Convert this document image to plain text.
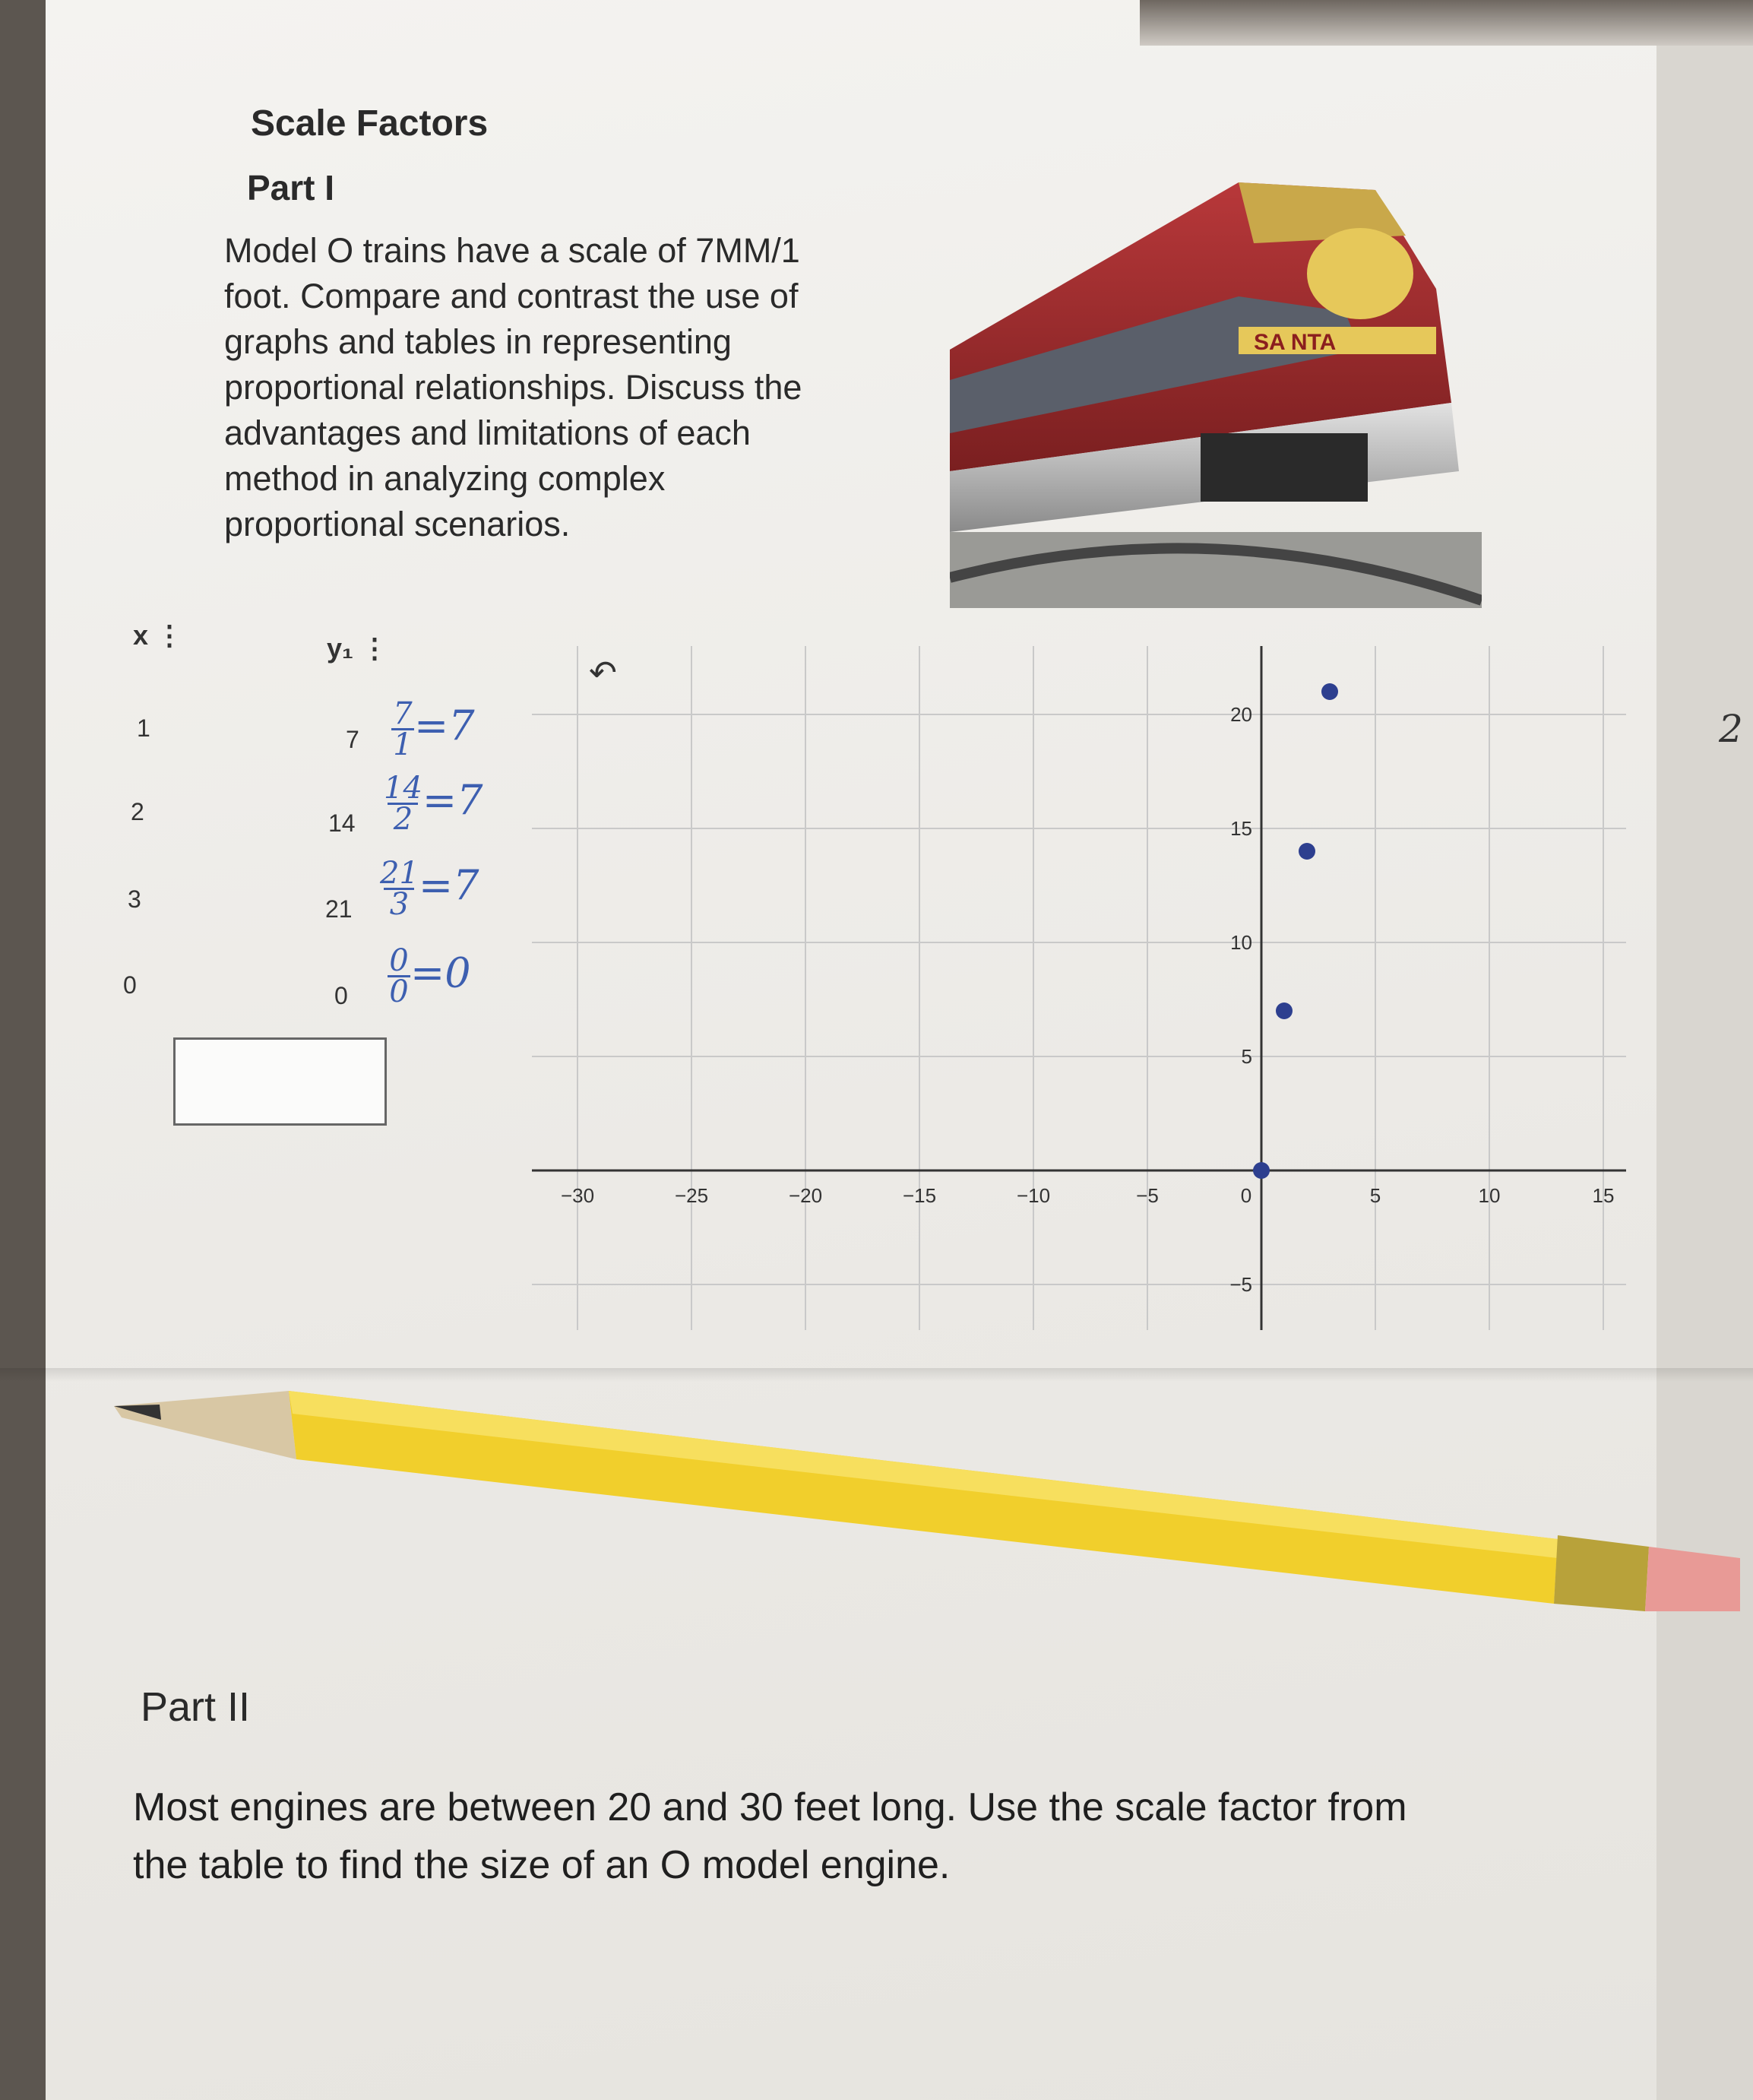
Scale Factors
Part I
Model O trains have a scale of 7MM/1
foot. Compare and contrast the use of
graphs and tables in representing
proportional relationships. Discuss the
advantages and limitations of each
method in analyzing complex
proportional scenarios.
SA NTA
x ⋮	y₁ ⋮
1	7
2	14
3	21
0	0
$\frac{7}{1}=7$
$\frac{14}{2}=7$
$\frac{21}{3}=7$
$\frac{0}{0}=0$
↶
−30	−25	−20	−15	−10	−5	0	5	10	15
−5
5
10
15
20	2
Part II
Most engines are between 20 and 30 feet long. Use the scale factor from
the table to find the size of an O model engine.
